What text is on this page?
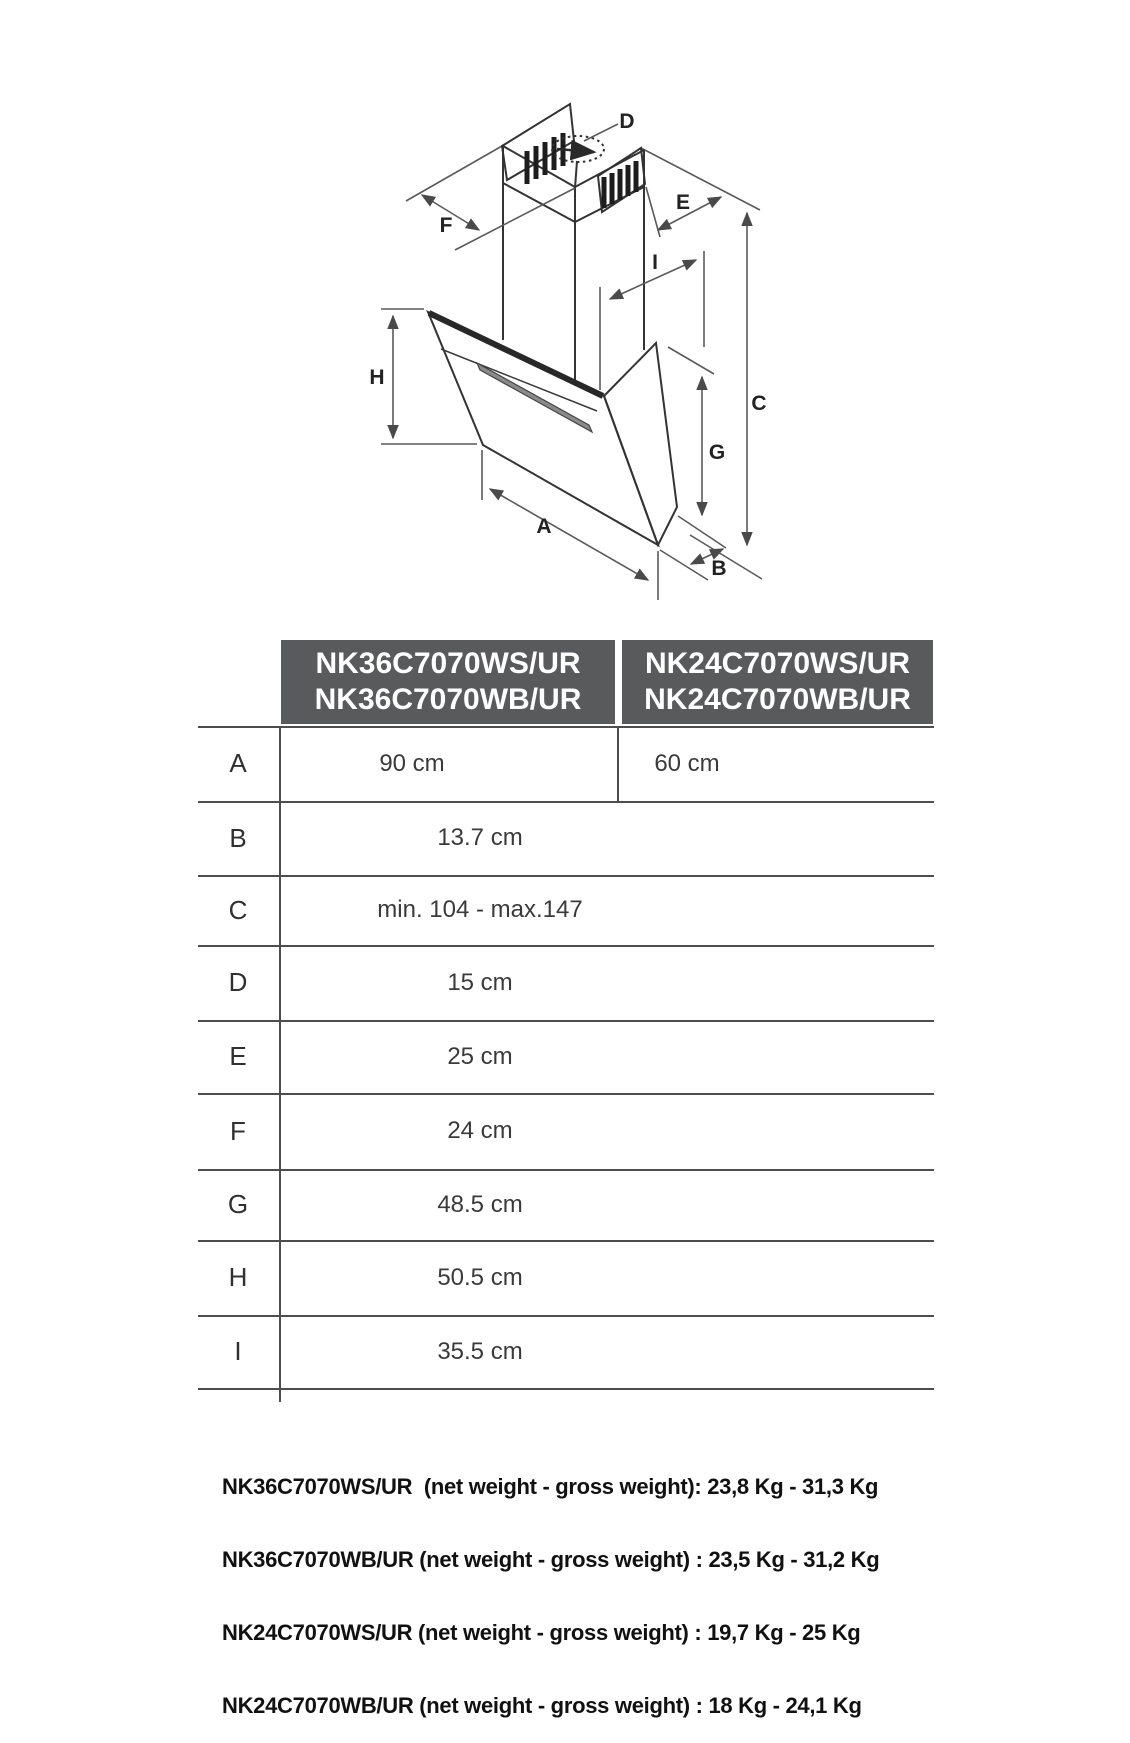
D
F
E
I
C
G
H
A
B
NK36C7070WS/UR
NK36C7070WB/UR
NK24C7070WS/UR
NK24C7070WB/UR
A
B
C
D
E
F
G
H
I
90 cm	60 cm
13.7 cm
min. 104 - max.147
15 cm
25 cm
24 cm
48.5 cm
50.5 cm
35.5 cm

NK36C7070WS/UR  (net weight - gross weight): 23,8 Kg - 31,3 Kg

NK36C7070WB/UR (net weight - gross weight) : 23,5 Kg - 31,2 Kg

NK24C7070WS/UR (net weight - gross weight) : 19,7 Kg - 25 Kg

NK24C7070WB/UR (net weight - gross weight) : 18 Kg - 24,1 Kg
